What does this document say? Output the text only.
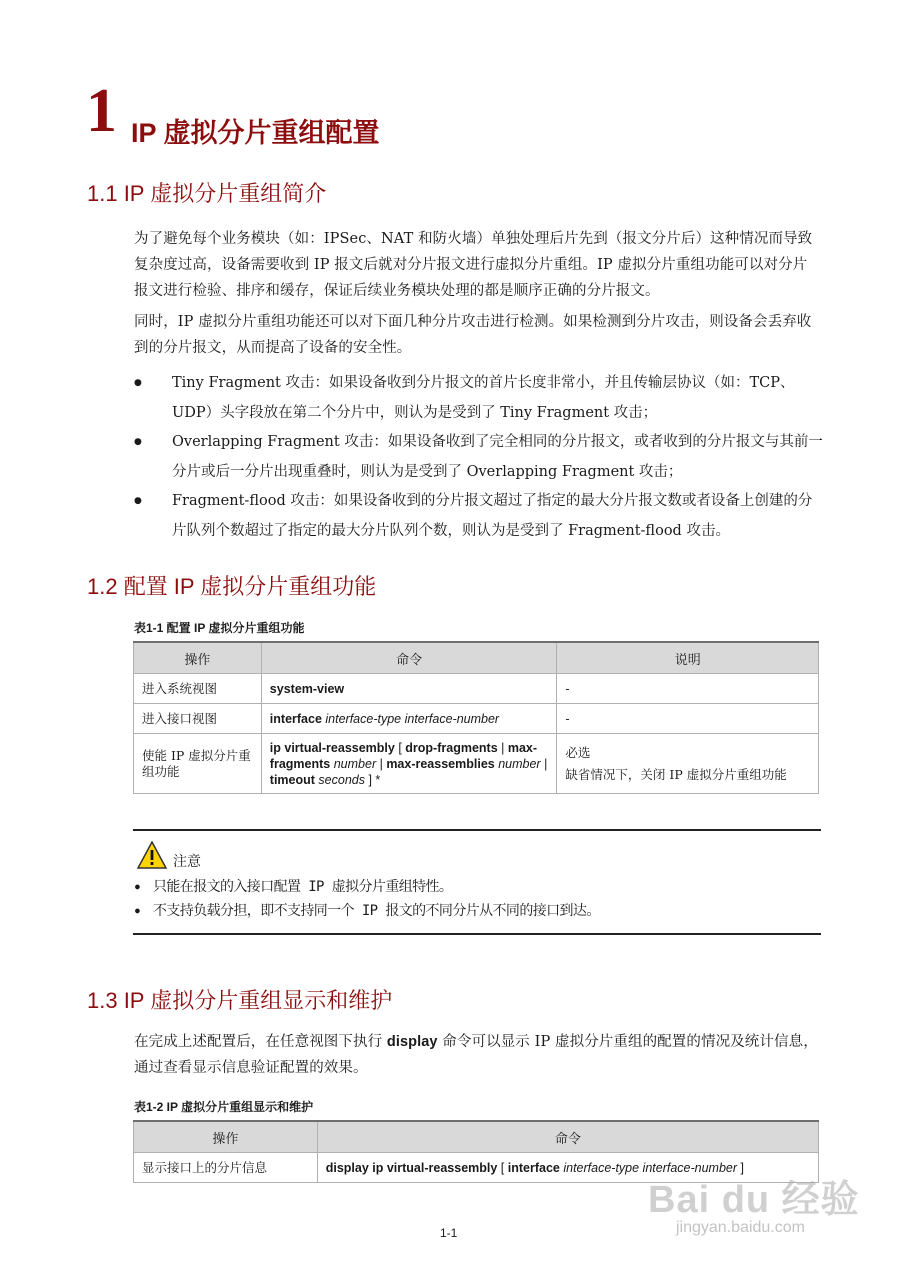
1 IP 虚拟分片重组配置
1.1 IP 虚拟分片重组简介
为了避免每个业务模块（如：IPSec、NAT 和防火墙）单独处理后片先到（报文分片后）这种情况而导致复杂度过高，设备需要收到 IP 报文后就对分片报文进行虚拟分片重组。IP 虚拟分片重组功能可以对分片报文进行检验、排序和缓存，保证后续业务模块处理的都是顺序正确的分片报文。
同时，IP 虚拟分片重组功能还可以对下面几种分片攻击进行检测。如果检测到分片攻击，则设备会丢弃收到的分片报文，从而提高了设备的安全性。
● Tiny Fragment 攻击：如果设备收到分片报文的首片长度非常小，并且传输层协议（如：TCP、UDP）头字段放在第二个分片中，则认为是受到了 Tiny Fragment 攻击；
● Overlapping Fragment 攻击：如果设备收到了完全相同的分片报文，或者收到的分片报文与其前一分片或后一分片出现重叠时，则认为是受到了 Overlapping Fragment 攻击；
● Fragment-flood 攻击：如果设备收到的分片报文超过了指定的最大分片报文数或者设备上创建的分片队列个数超过了指定的最大分片队列个数，则认为是受到了 Fragment-flood 攻击。
1.2 配置 IP 虚拟分片重组功能
表1-1 配置 IP 虚拟分片重组功能
操作	命令	说明
进入系统视图	system-view	-
进入接口视图	interface interface-type interface-number	-
使能 IP 虚拟分片重组功能	ip virtual-reassembly [ drop-fragments | max-fragments number | max-reassemblies number | timeout seconds ] *	必选
缺省情况下，关闭 IP 虚拟分片重组功能
注意
● 只能在报文的入接口配置 IP 虚拟分片重组特性。
● 不支持负载分担，即不支持同一个 IP 报文的不同分片从不同的接口到达。
1.3 IP 虚拟分片重组显示和维护
在完成上述配置后，在任意视图下执行 display 命令可以显示 IP 虚拟分片重组的配置的情况及统计信息，通过查看显示信息验证配置的效果。
表1-2 IP 虚拟分片重组显示和维护
操作	命令
显示接口上的分片信息	display ip virtual-reassembly [ interface interface-type interface-number ]
1-1
Bai du 经验
jingyan.baidu.com
